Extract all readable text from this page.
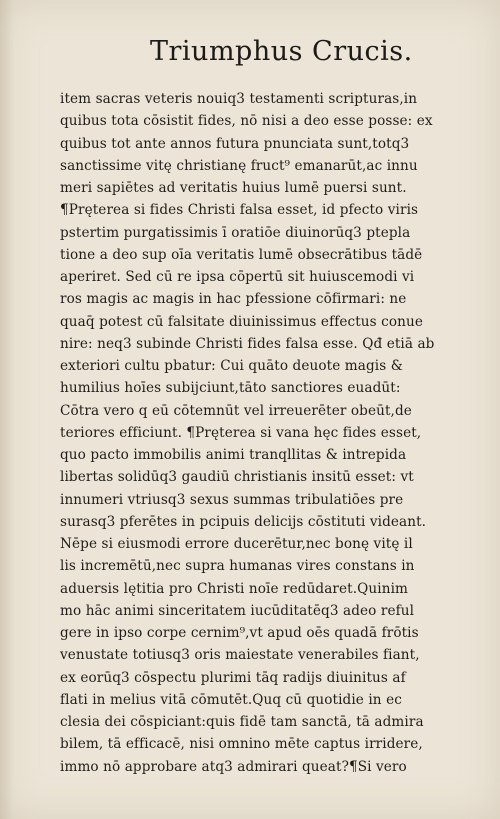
Triumphus Crucis.
item sacras veteris nouiq3 testamenti scripturas,in
quibus tota cōsistit fides, nō nisi a deo esse posse: ex
quibus tot ante annos futura pnunciata sunt,totq3
sanctissime vitę christianę fruct⁹ emanarūt,ac innu
meri sapiētes ad veritatis huius lumē puersi sunt.
¶Pręterea si fides Christi falsa esset, id pfecto viris
pstertim purgatissimis ī oratiōe diuinorūq3 ptepla
tione a deo sup oīa veritatis lumē obsecrātibus tādē
aperiret. Sed cū re ipsa cōpertū sit huiuscemodi vi
ros magis ac magis in hac pfessione cōfirmari: ne
quaq̄ potest cū falsitate diuinissimus effectus conue
nire: neq3 subinde Christi fides falsa esse. Qđ etiā ab
exteriori cultu pbatur: Cui quāto deuote magis &
humilius hoīes subijciunt,tāto sanctiores euadūt:
Cōtra vero q eū cōtemnūt vel irreuerēter obeūt,de
teriores efficiunt. ¶Pręterea si vana hęc fides esset,
quo pacto immobilis animi tranqllitas & intrepida
libertas solidūq3 gaudiū christianis insitū esset: vt
innumeri vtriusq3 sexus summas tribulatiōes pre
surasq3 pferētes in pcipuis delicijs cōstituti videant.
Nēpe si eiusmodi errore ducerētur,nec bonę vitę il
lis incremētū,nec supra humanas vires constans in
aduersis lętitia pro Christi noīe redūdaret.Quinim
mo hāc animi sinceritatem iucūditatēq3 adeo reful
gere in ipso corpe cernim⁹,vt apud oēs quadā frōtis
venustate totiusq3 oris maiestate venerabiles fiant,
ex eorūq3 cōspectu plurimi tāq radijs diuinitus af
flati in melius vitā cōmutēt.Quq cū quotidie in ec
clesia dei cōspiciant:quis fidē tam sanctā, tā admira
bilem, tā efficacē, nisi omnino mēte captus irridere,
immo nō approbare atq3 admirari queat?¶Si vero
